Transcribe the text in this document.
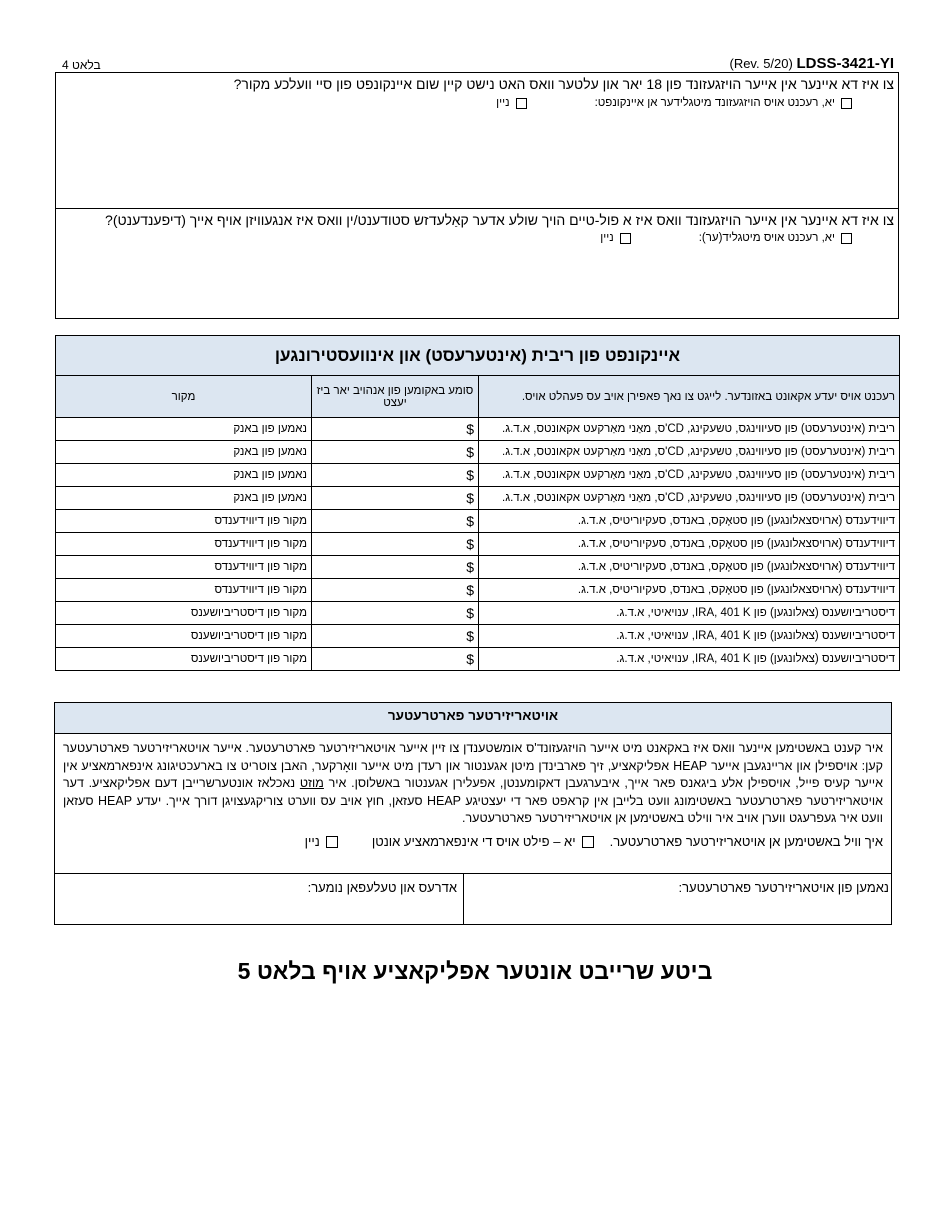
(Rev. 5/20) LDSS-3421-YI
בלאט 4
צו איז דא איינער אין אייער הויזגעזונד פון 18 יאר און עלטער וואס האט נישט קיין שום איינקונפט פון סיי וועלכע מקור?
יא, רעכנט אויס הויזגעזונד מיטגלידער אן איינקונפט:
ניין
צו איז דא איינער אין אייער הויזגעזונד וואס איז א פול-טיים הויך שולע אדער קאַלעדזש סטודענט/ין וואס איז אנגעוויזן אויף אייך (דיפענדענט)?
יא, רעכנט אויס מיטגליד(ער):
ניין
איינקונפט פון ריבית (אינטערעסט) און אינוועסטירונגען		
רעכנט אויס יעדע אקאונט באזונדער. לייגט צו נאך פאפירן אויב עס פעהלט אויס.	סומע באקומען פון אנהויב יאר ביז יעצט	מקור
ריבית (אינטערעסט) פון סעיווינגס, טשעקינג, CD'ס, מאַני מאַרקעט אקאונטס, א.ד.ג.	$	נאמען פון באנק
ריבית (אינטערעסט) פון סעיווינגס, טשעקינג, CD'ס, מאַני מאַרקעט אקאונטס, א.ד.ג.	$	נאמען פון באנק
ריבית (אינטערעסט) פון סעיווינגס, טשעקינג, CD'ס, מאַני מאַרקעט אקאונטס, א.ד.ג.	$	נאמען פון באנק
ריבית (אינטערעסט) פון סעיווינגס, טשעקינג, CD'ס, מאַני מאַרקעט אקאונטס, א.ד.ג.	$	נאמען פון באנק
דיווידענדס (ארויסצאלונגען) פון סטאָקס, באנדס, סעקיוריטיס, א.ד.ג.	$	מקור פון דיווידענדס
דיווידענדס (ארויסצאלונגען) פון סטאָקס, באנדס, סעקיוריטיס, א.ד.ג.	$	מקור פון דיווידענדס
דיווידענדס (ארויסצאלונגען) פון סטאָקס, באנדס, סעקיוריטיס, א.ד.ג.	$	מקור פון דיווידענדס
דיווידענדס (ארויסצאלונגען) פון סטאָקס, באנדס, סעקיוריטיס, א.ד.ג.	$	מקור פון דיווידענדס
דיסטריביושענס (צאלונגען) פון IRA, 401 K, ענויאיטי, א.ד.ג.	$	מקור פון דיסטריביושענס
דיסטריביושענס (צאלונגען) פון IRA, 401 K, ענויאיטי, א.ד.ג.	$	מקור פון דיסטריביושענס
דיסטריביושענס (צאלונגען) פון IRA, 401 K, ענויאיטי, א.ד.ג.	$	מקור פון דיסטריביושענס
אויטאריזירטער פארטרעטער
איר קענט באשטימען איינער וואס איז באקאנט מיט אייער הויזגעזונד'ס אומשטענדן צו זיין אייער אויטאריזירטער פארטרעטער. אייער אויטאריזירטער פארטרעטער קען: אויספילן און אריינגעבן אייער HEAP אפליקאציע, זיך פארבינדן מיטן אגענטור און רעדן מיט אייער וואָרקער, האבן צוטריט צו בארעכטיגונג אינפארמאציע אין אייער קעיס פייל, אויספילן אלע ביגאנס פאר אייך, איבערגעבן דאקומענטן, אפעלירן אגענטור באשלוסן. איר מוזט נאכלאז אונטערשרייבן דעם אפליקאציע. דער אויטאריזירטער פארטרעטער באשטימונג וועט בלייבן אין קראפט פאר די יעצטיגע HEAP סעזאן, חוץ אויב עס ווערט צוריקגעצויגן דורך אייך. יעדע HEAP סעזאן וועט איר געפרעגט ווערן אויב איר ווילט באשטימען אן אויטאריזירטער פארטרעטער.
איך וויל באשטימען אן אויטאריזירטער פארטרעטער.
יא – פילט אויס די אינפארמאציע אונטן
ניין
נאמען פון אויטאריזירטער פארטרעטער:
אדרעס און טעלעפאן נומער:
ביטע שרייבט אונטער אפליקאציע אויף בלאט 5
